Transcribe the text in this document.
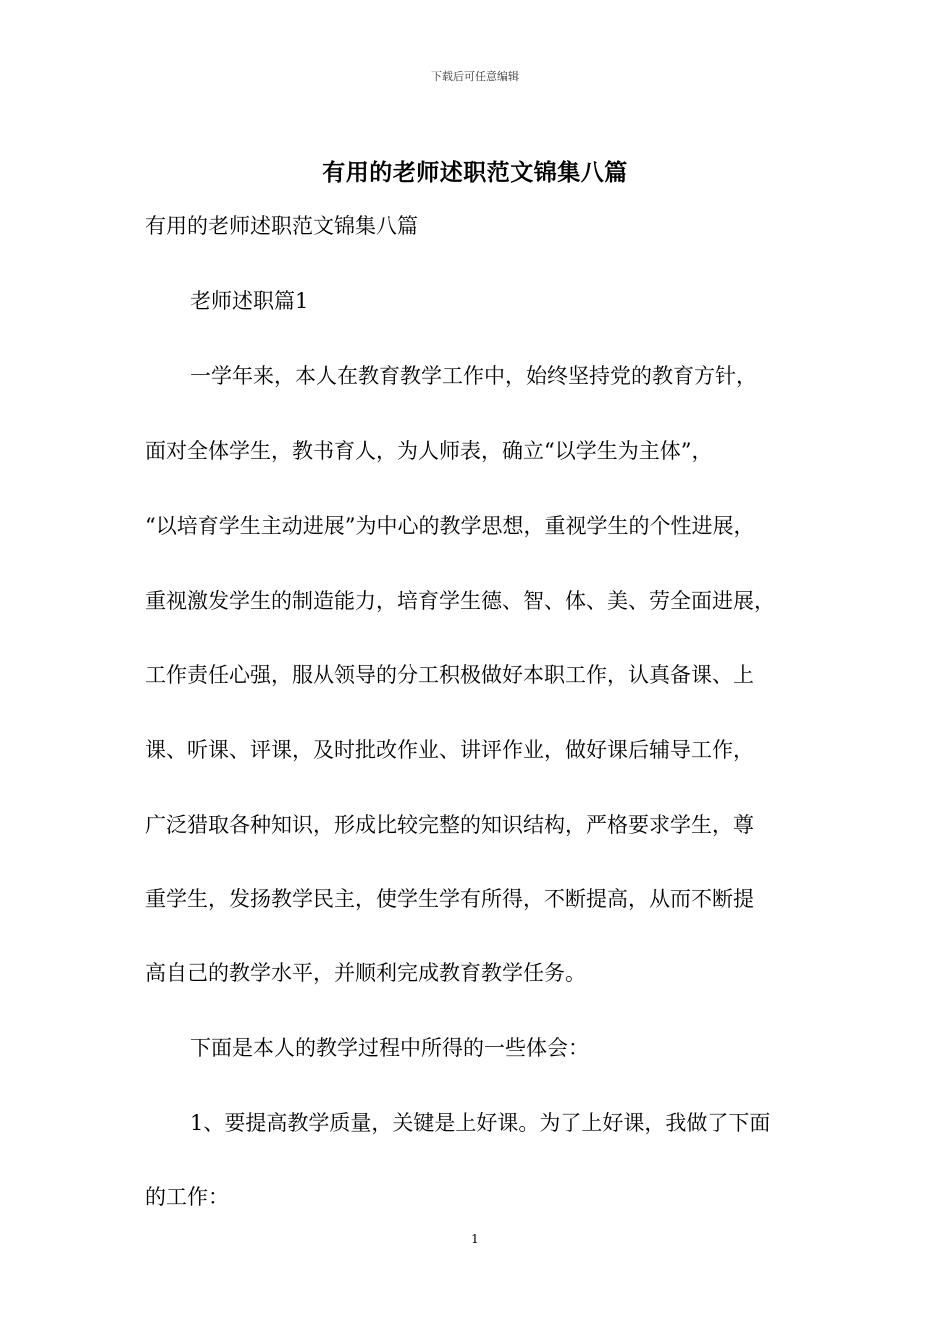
下载后可任意编辑
有用的老师述职范文锦集八篇
有用的老师述职范文锦集八篇
老师述职篇1
一学年来，本人在教育教学工作中，始终坚持党的教育方针，
面对全体学生，教书育人，为人师表，确立“以学生为主体”，
“以培育学生主动进展”为中心的教学思想，重视学生的个性进展，
重视激发学生的制造能力，培育学生德、智、体、美、劳全面进展，
工作责任心强，服从领导的分工积极做好本职工作，认真备课、上
课、听课、评课，及时批改作业、讲评作业，做好课后辅导工作，
广泛猎取各种知识，形成比较完整的知识结构，严格要求学生，尊
重学生，发扬教学民主，使学生学有所得，不断提高，从而不断提
高自己的教学水平，并顺利完成教育教学任务。
下面是本人的教学过程中所得的一些体会：
1、要提高教学质量，关键是上好课。为了上好课，我做了下面
的工作：
1
